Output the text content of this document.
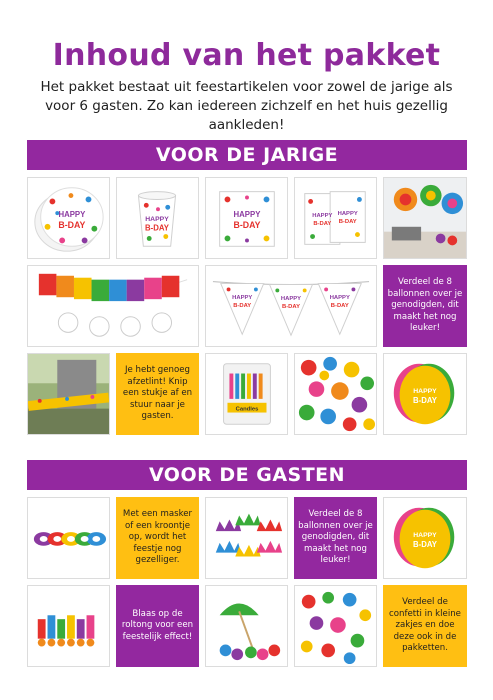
Inhoud van het pakket

Het pakket bestaat uit feestartikelen voor zowel de jarige als voor 6 gasten. Zo kan iedereen zichzelf en het huis gezellig aankleden!

VOOR DE JARIGE
HAPPY
B-DAY
HAPPY
B-DAY
HAPPY
B-DAY
HAPPY
B-DAY
HAPPY
B-DAY
HAPPY
B-DAY
HAPPY
B-DAY
HAPPY
B-DAY
Verdeel de 8 ballonnen over je genodigden, dit maakt het nog leuker!
Je hebt genoeg afzetlint! Knip een stukje af en stuur naar je gasten.
Candles
HAPPY
B-DAY
VOOR DE GASTEN
Met een masker of een kroontje op, wordt het feestje nog gezelliger.
Verdeel de 8 ballonnen over je genodigden, dit maakt het nog leuker!
HAPPY
B-DAY
Blaas op de roltong voor een feestelijk effect!
Verdeel de confetti in kleine zakjes en doe deze ook in de pakketten.
